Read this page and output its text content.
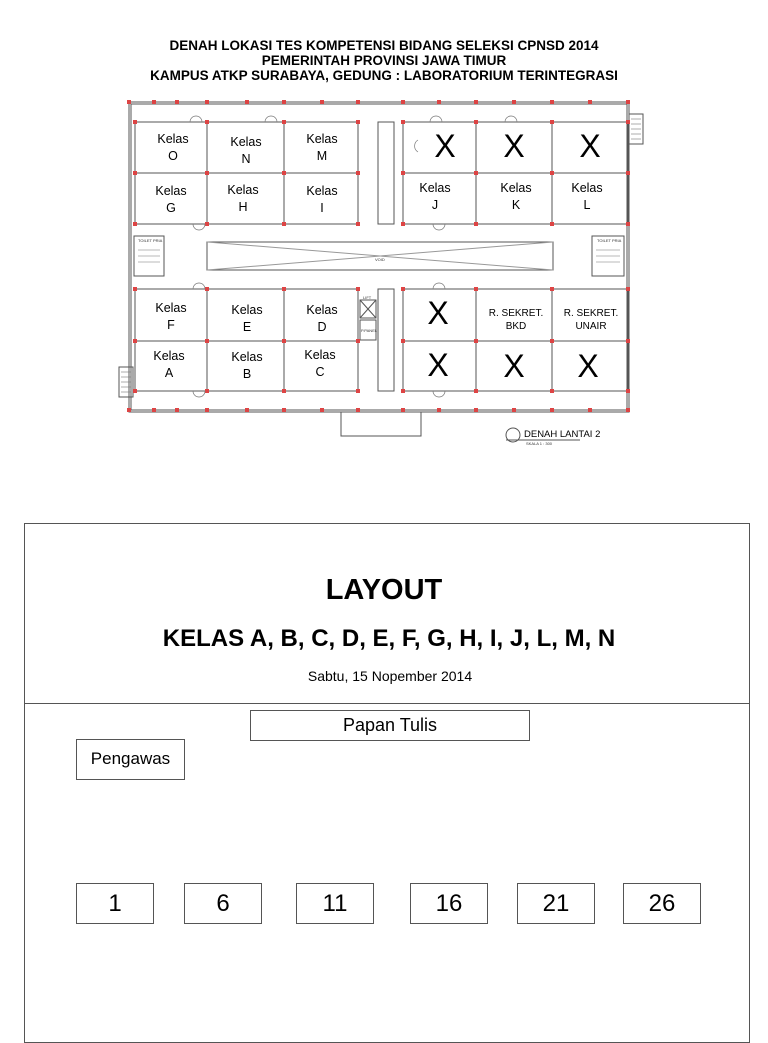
DENAH LOKASI TES KOMPETENSI BIDANG SELEKSI CPNSD 2014
PEMERINTAH PROVINSI JAWA TIMUR
KAMPUS ATKP SURABAYA, GEDUNG : LABORATORIUM TERINTEGRASI
Kelas
O
Kelas
N
Kelas
M
Kelas
G
Kelas
H
Kelas
I
X	X	X
Kelas
J
Kelas
K
Kelas
L
Kelas
F
Kelas
E
Kelas
D
Kelas
A
Kelas
B
Kelas
C
X	R. SEKRET.
BKD
R. SEKRET.
UNAIR
X	X	X
VOID
LIFT
P.PANEL
TOILET PRIA	TOILET PRIA
DENAH LANTAI 2
SKALA 1 : 300
LAYOUT
KELAS A, B, C, D, E, F, G, H, I, J, L, M, N
Sabtu, 15 Nopember 2014
Papan Tulis
Pengawas
1	6	11	16	21	26
